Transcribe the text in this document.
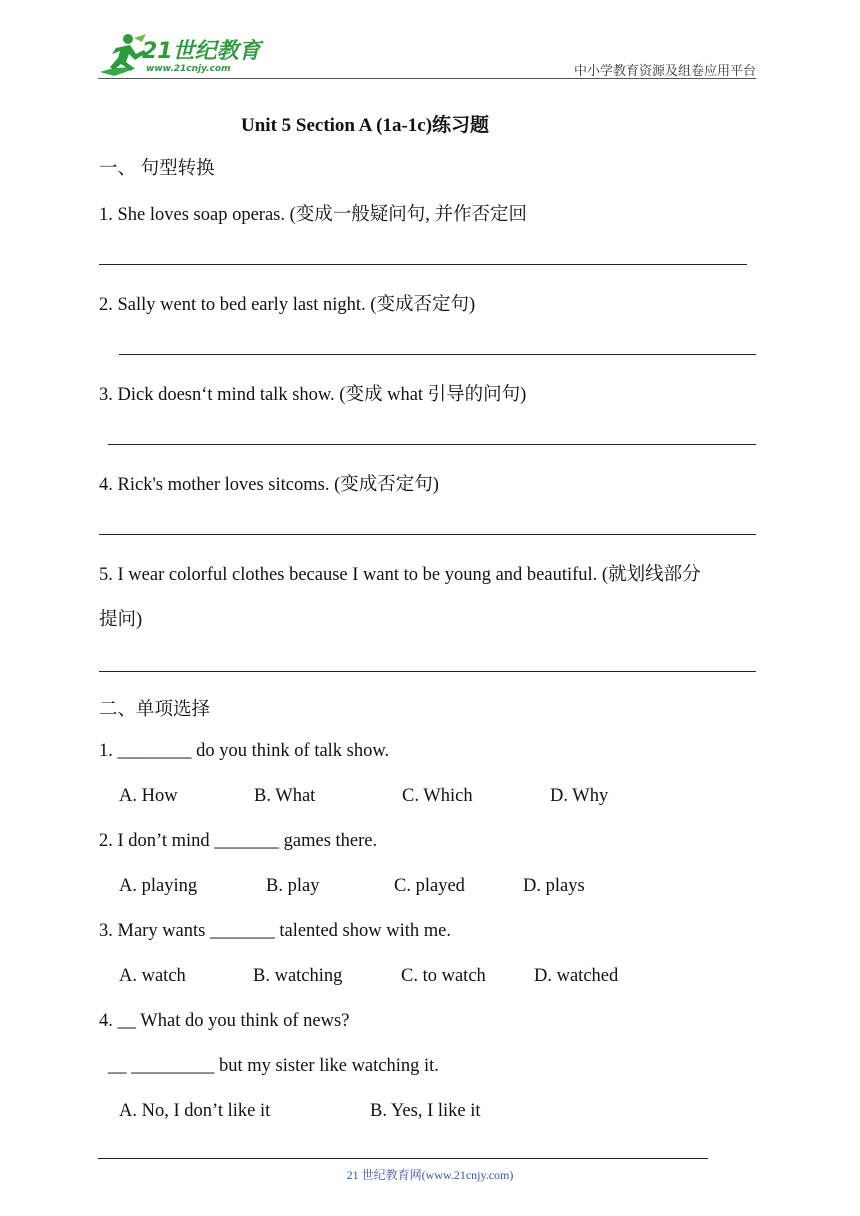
21世纪教育
www.21cnjy.com	中小学教育资源及组卷应用平台
Unit 5 Section A (1a-1c)练习题
一、 句型转换
1. She loves soap operas. (变成一般疑问句, 并作否定回
2. Sally went to bed early last night. (变成否定句)
3. Dick doesn‘t mind talk show. (变成 what 引导的问句)
4. Rick's mother loves sitcoms. (变成否定句)
5. I wear colorful clothes because I want to be young and beautiful. (就划线部分
提问)
二、单项选择
1. ________ do you think of talk show.
A. How	B. What	C. Which	D. Why
2. I don’t mind _______ games there.
A. playing	B. play	C. played	D. plays
3. Mary wants _______ talented show with me.
A. watch	B. watching	C. to watch	D. watched
4. __ What do you think of news?
__ _________ but my sister like watching it.
A. No, I don’t like it	B. Yes, I like it
21 世纪教育网(www.21cnjy.com)
